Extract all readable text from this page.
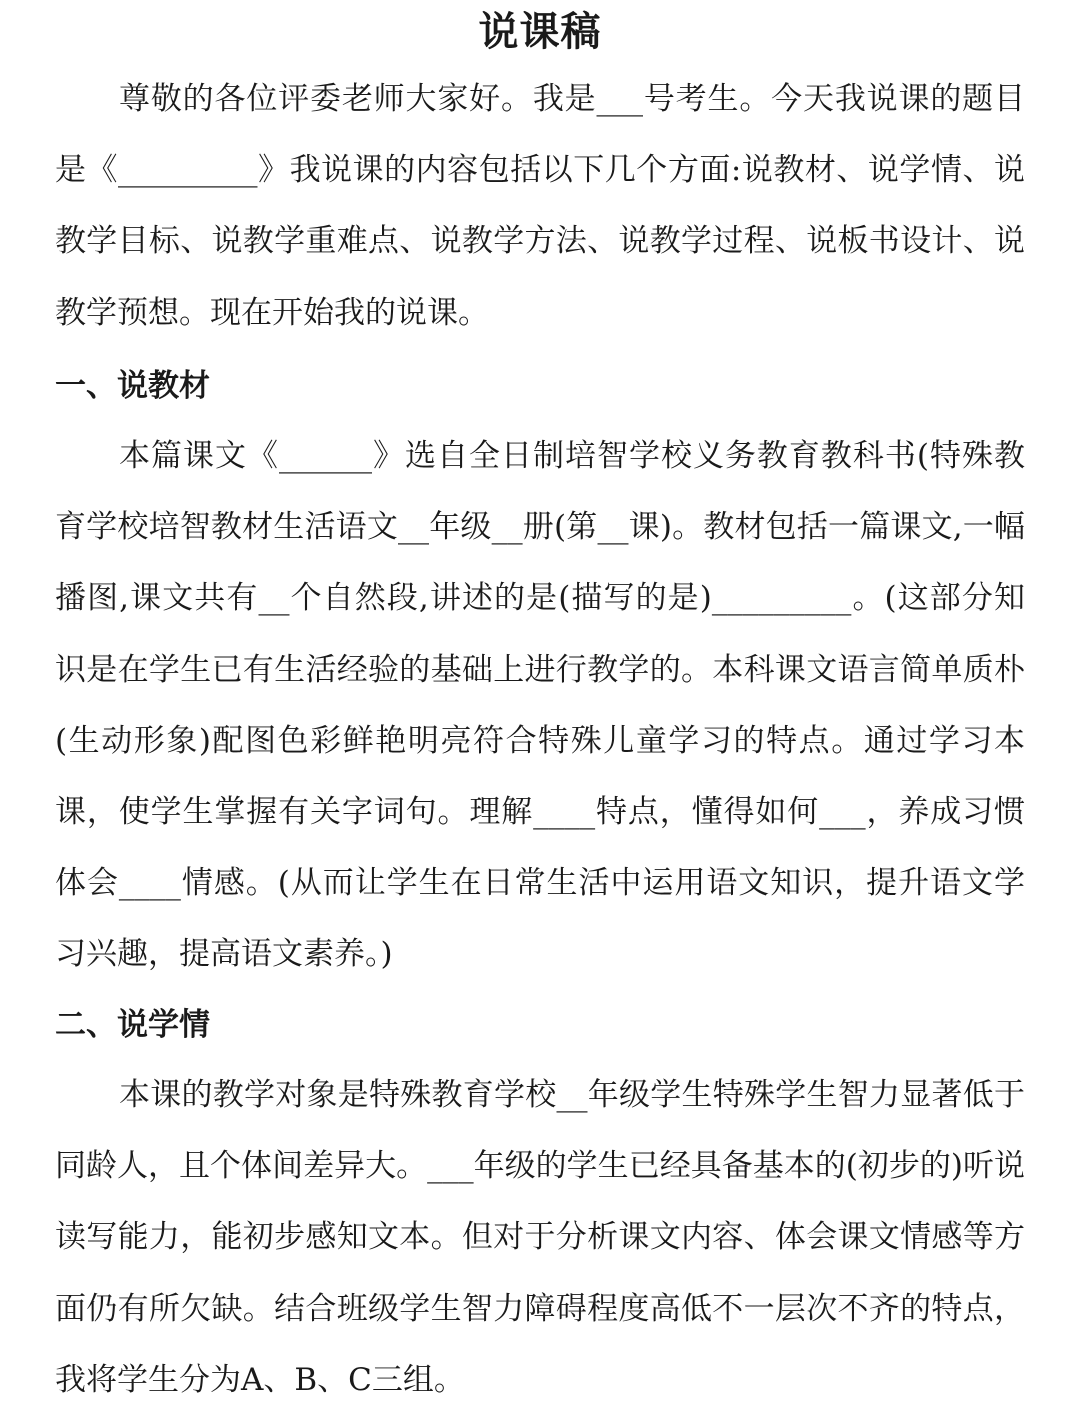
说课稿

尊敬的各位评委老师大家好。我是___号考生。今天我说课的题目是《_________》我说课的内容包括以下几个方面:说教材、说学情、说教学目标、说教学重难点、说教学方法、说教学过程、说板书设计、说教学预想。现在开始我的说课。

一、说教材

本篇课文《______》选自全日制培智学校义务教育教科书(特殊教育学校培智教材生活语文__年级__册(第__课)。教材包括一篇课文,一幅播图,课文共有__个自然段,讲述的是(描写的是)_________。(这部分知识是在学生已有生活经验的基础上进行教学的。本科课文语言简单质朴(生动形象)配图色彩鲜艳明亮符合特殊儿童学习的特点。通过学习本课，使学生掌握有关字词句。理解____特点，懂得如何___，养成习惯体会____情感。(从而让学生在日常生活中运用语文知识，提升语文学习兴趣，提高语文素养。)

二、说学情

本课的教学对象是特殊教育学校__年级学生特殊学生智力显著低于同龄人，且个体间差异大。___年级的学生已经具备基本的(初步的)听说读写能力，能初步感知文本。但对于分析课文内容、体会课文情感等方面仍有所欠缺。结合班级学生智力障碍程度高低不一层次不齐的特点，我将学生分为A、B、C三组。
